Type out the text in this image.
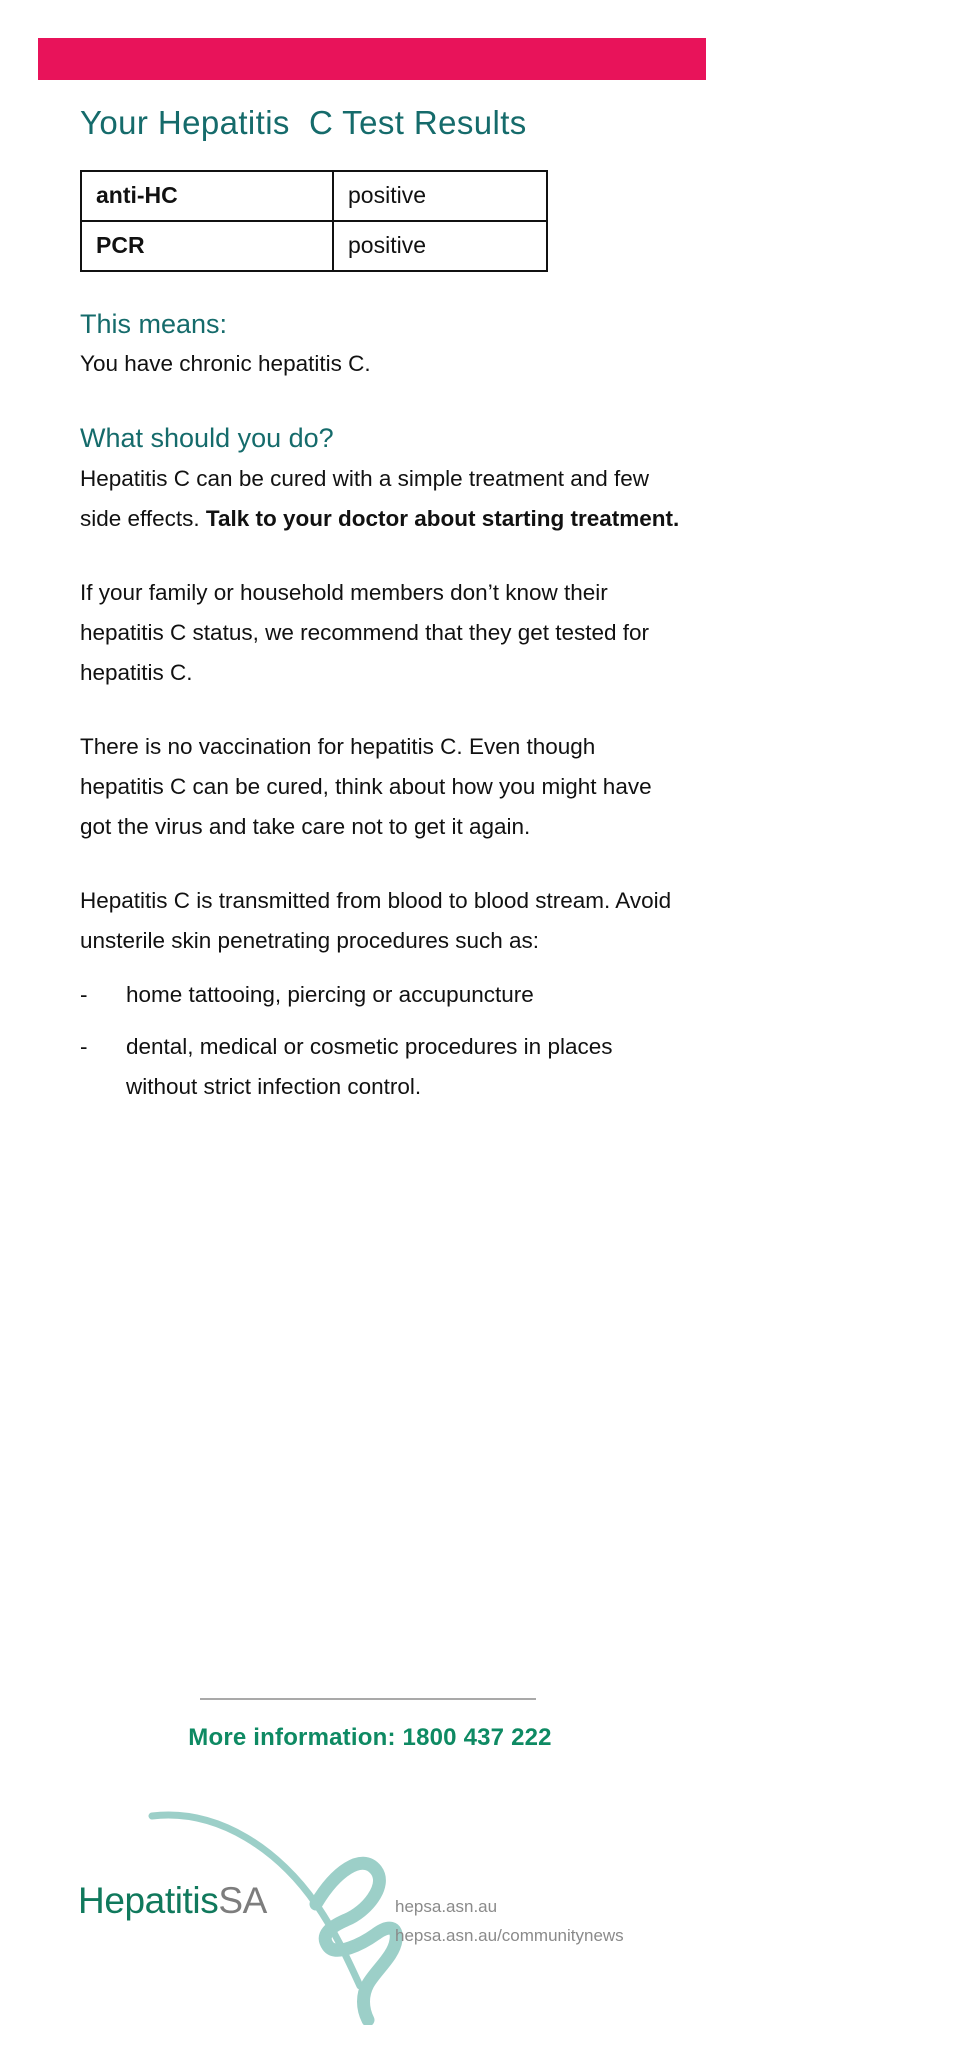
Your Hepatitis  C Test Results
anti-HC	positive
PCR	positive
This means:

You have chronic hepatitis C.

What should you do?

Hepatitis C can be cured with a simple treatment and few side effects. Talk to your doctor about starting treatment.

If your family or household members don’t know their hepatitis C status, we recommend that they get tested for hepatitis C.

There is no vaccination for hepatitis C. Even though hepatitis C can be cured, think about how you might have got the virus and take care not to get it again.

Hepatitis C is transmitted from blood to blood stream. Avoid unsterile skin penetrating procedures such as:

-	home tattooing, piercing or accupuncture
-	dental, medical or cosmetic procedures in places without strict infection control.
More information: 1800 437 222
HepatitisSA	hepsa.asn.au
hepsa.asn.au/communitynews
